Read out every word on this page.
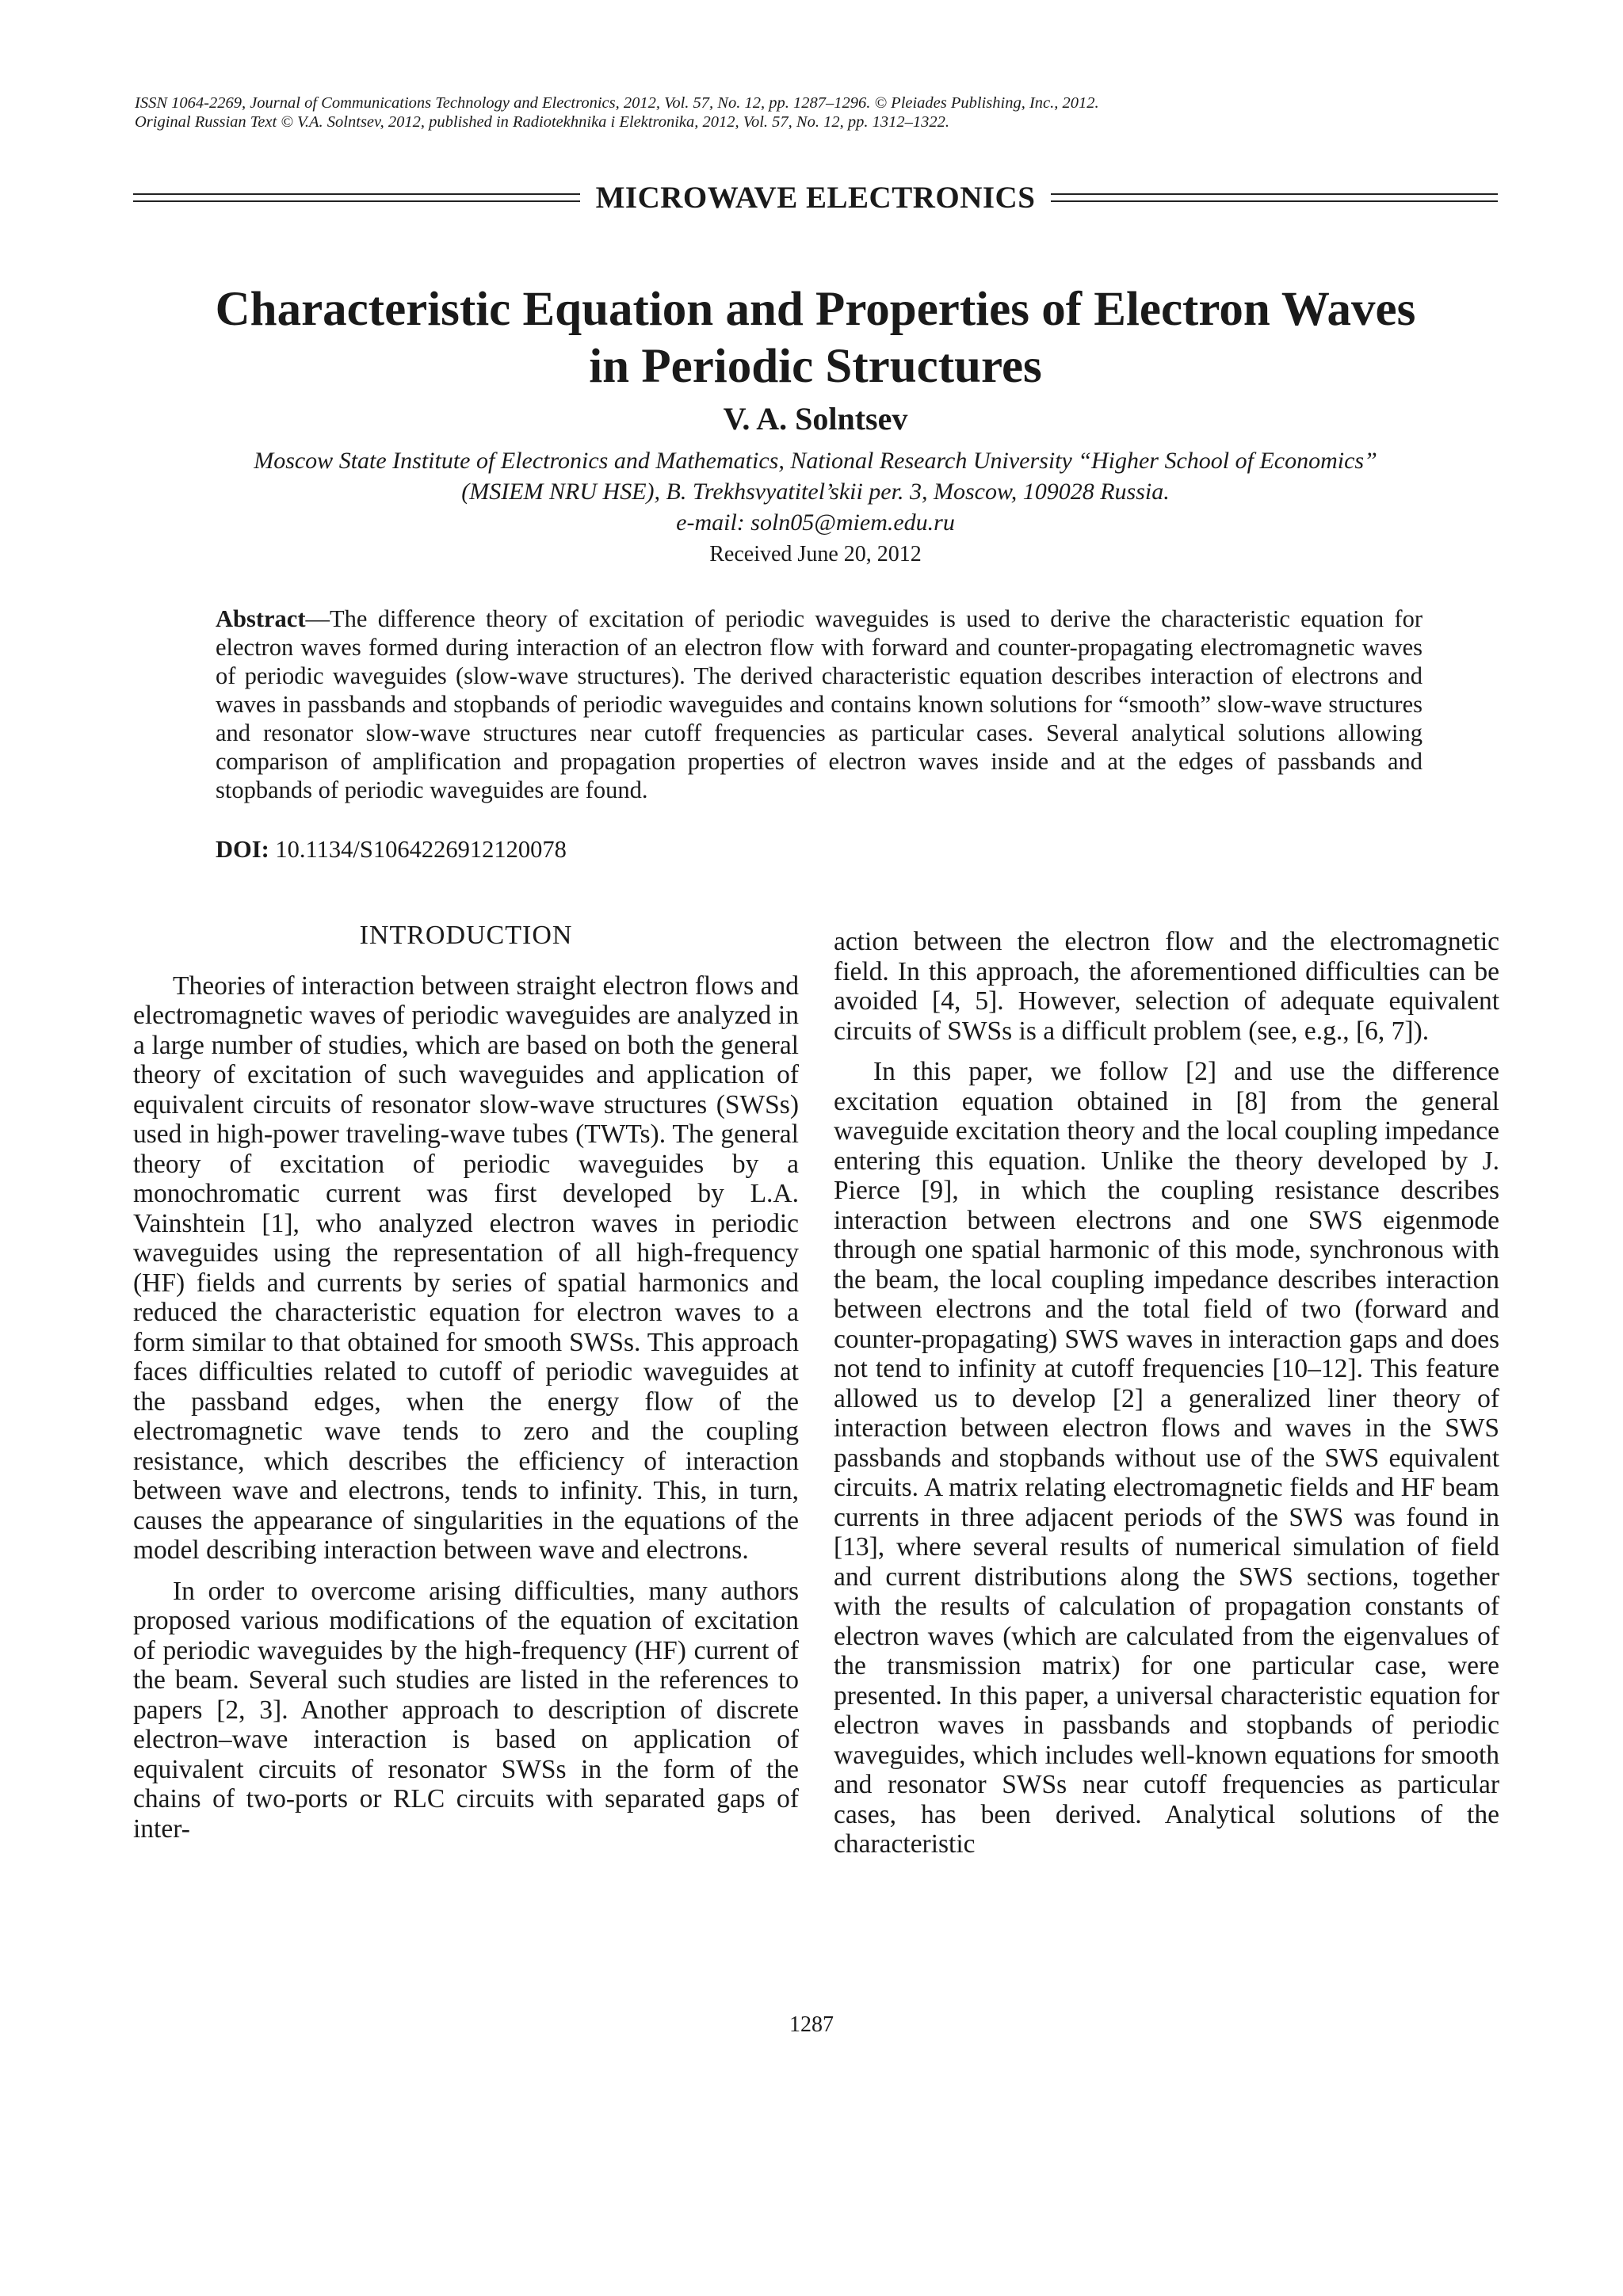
ISSN 1064-2269, Journal of Communications Technology and Electronics, 2012, Vol. 57, No. 12, pp. 1287–1296. © Pleiades Publishing, Inc., 2012.
Original Russian Text © V.A. Solntsev, 2012, published in Radiotekhnika i Elektronika, 2012, Vol. 57, No. 12, pp. 1312–1322.
MICROWAVE ELECTRONICS
Characteristic Equation and Properties of Electron Waves
in Periodic Structures
V. A. Solntsev
Moscow State Institute of Electronics and Mathematics, National Research University “Higher School of Economics”
(MSIEM NRU HSE), B. Trekhsvyatitel’skii per. 3, Moscow, 109028 Russia.
e-mail: soln05@miem.edu.ru
Received June 20, 2012

Abstract—The difference theory of excitation of periodic waveguides is used to derive the characteristic equation for electron waves formed during interaction of an electron flow with forward and counter-propagating electromagnetic waves of periodic waveguides (slow-wave structures). The derived characteristic equation describes interaction of electrons and waves in passbands and stopbands of periodic waveguides and contains known solutions for “smooth” slow-wave structures and resonator slow-wave structures near cutoff frequencies as particular cases. Several analytical solutions allowing comparison of amplification and propagation properties of electron waves inside and at the edges of passbands and stopbands of periodic waveguides are found.

DOI: 10.1134/S1064226912120078

INTRODUCTION

Theories of interaction between straight electron flows and electromagnetic waves of periodic waveguides are analyzed in a large number of studies, which are based on both the general theory of excitation of such waveguides and application of equivalent circuits of resonator slow-wave structures (SWSs) used in high-power traveling-wave tubes (TWTs). The general theory of excitation of periodic waveguides by a monochromatic current was first developed by L.A. Vainshtein [1], who analyzed electron waves in periodic waveguides using the representation of all high-frequency (HF) fields and currents by series of spatial harmonics and reduced the characteristic equation for electron waves to a form similar to that obtained for smooth SWSs. This approach faces difficulties related to cutoff of periodic waveguides at the passband edges, when the energy flow of the electromagnetic wave tends to zero and the coupling resistance, which describes the efficiency of interaction between wave and electrons, tends to infinity. This, in turn, causes the appearance of singularities in the equations of the model describing interaction between wave and electrons.

In order to overcome arising difficulties, many authors proposed various modifications of the equation of excitation of periodic waveguides by the high-frequency (HF) current of the beam. Several such studies are listed in the references to papers [2, 3]. Another approach to description of discrete electron–wave interaction is based on application of equivalent circuits of resonator SWSs in the form of the chains of two-ports or RLC circuits with separated gaps of inter-

action between the electron flow and the electromagnetic field. In this approach, the aforementioned difficulties can be avoided [4, 5]. However, selection of adequate equivalent circuits of SWSs is a difficult problem (see, e.g., [6, 7]).

In this paper, we follow [2] and use the difference excitation equation obtained in [8] from the general waveguide excitation theory and the local coupling impedance entering this equation. Unlike the theory developed by J. Pierce [9], in which the coupling resistance describes interaction between electrons and one SWS eigenmode through one spatial harmonic of this mode, synchronous with the beam, the local coupling impedance describes interaction between electrons and the total field of two (forward and counter-propagating) SWS waves in interaction gaps and does not tend to infinity at cutoff frequencies [10–12]. This feature allowed us to develop [2] a generalized liner theory of interaction between electron flows and waves in the SWS passbands and stopbands without use of the SWS equivalent circuits. A matrix relating electromagnetic fields and HF beam currents in three adjacent periods of the SWS was found in [13], where several results of numerical simulation of field and current distributions along the SWS sections, together with the results of calculation of propagation constants of electron waves (which are calculated from the eigenvalues of the transmission matrix) for one particular case, were presented. In this paper, a universal characteristic equation for electron waves in passbands and stopbands of periodic waveguides, which includes well-known equations for smooth and resonator SWSs near cutoff frequencies as particular cases, has been derived. Analytical solutions of the characteristic

1287
